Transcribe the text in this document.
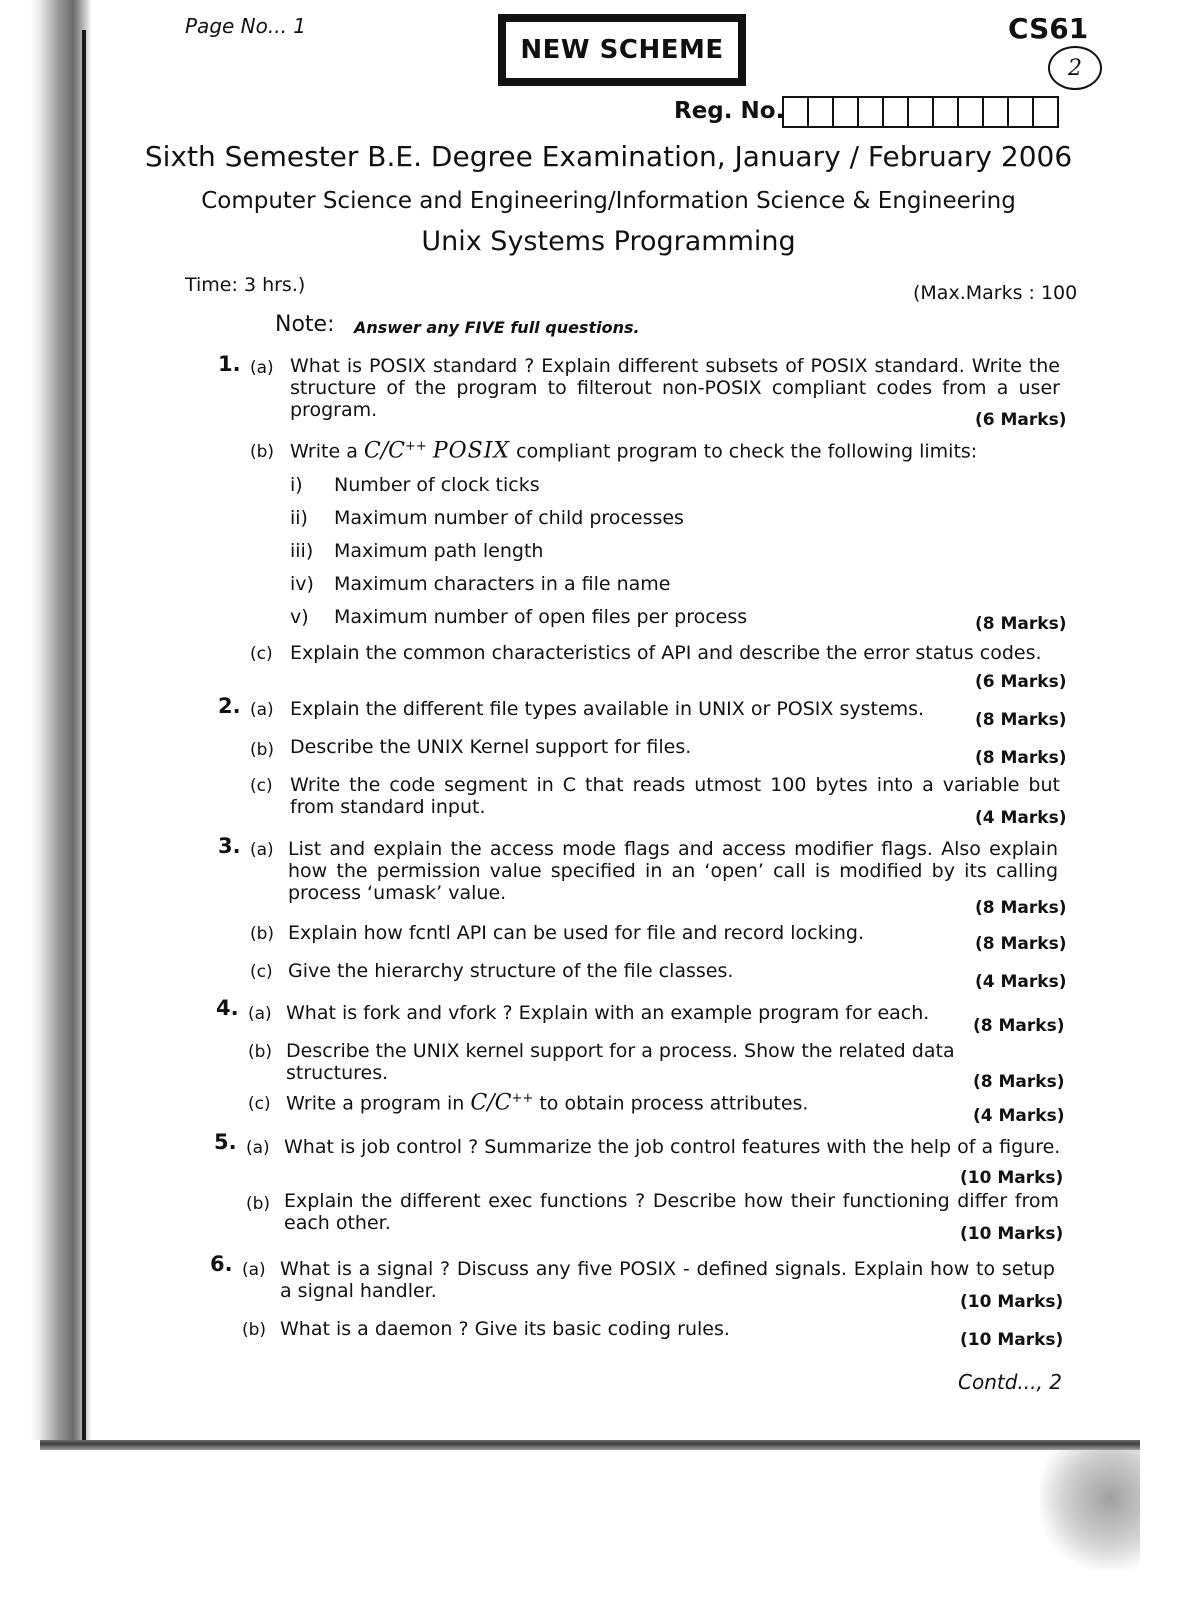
Page No... 1
NEW SCHEME
CS61
2
Reg. No.
Sixth Semester B.E. Degree Examination, January / February 2006
Computer Science and Engineering/Information Science & Engineering
Unix Systems Programming
Time: 3 hrs.)	(Max.Marks : 100
Note: Answer any FIVE full questions.
1. (a) What is POSIX standard ? Explain different subsets of POSIX standard. Write the structure of the program to filterout non-POSIX compliant codes from a user program.	(6 Marks)
(b) Write a C/C++ POSIX compliant program to check the following limits:
i) Number of clock ticks
ii) Maximum number of child processes
iii) Maximum path length
iv) Maximum characters in a file name
v) Maximum number of open files per process	(8 Marks)
(c) Explain the common characteristics of API and describe the error status codes.
(6 Marks)
2. (a) Explain the different file types available in UNIX or POSIX systems.	(8 Marks)
(b) Describe the UNIX Kernel support for files.	(8 Marks)
(c) Write the code segment in C that reads utmost 100 bytes into a variable but from standard input.	(4 Marks)
3. (a) List and explain the access mode flags and access modifier flags. Also explain how the permission value specified in an ‘open’ call is modified by its calling process ‘umask’ value.
(8 Marks)
(b) Explain how fcntl API can be used for file and record locking.	(8 Marks)
(c) Give the hierarchy structure of the file classes.	(4 Marks)
4. (a) What is fork and vfork ? Explain with an example program for each.
(8 Marks)
(b) Describe the UNIX kernel support for a process. Show the related data structures.	(8 Marks)
(c) Write a program in C/C++ to obtain process attributes.
(4 Marks)
5. (a) What is job control ? Summarize the job control features with the help of a figure.
(10 Marks)
(b) Explain the different exec functions ? Describe how their functioning differ from each other.	(10 Marks)
6. (a) What is a signal ? Discuss any five POSIX - defined signals. Explain how to setup a signal handler.	(10 Marks)
(b) What is a daemon ? Give its basic coding rules.	(10 Marks)
Contd..., 2
